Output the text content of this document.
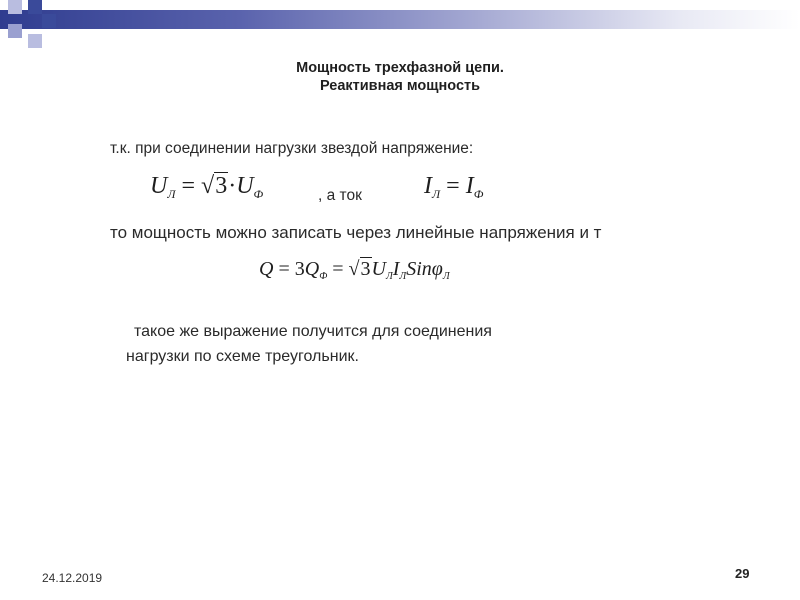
Мощность трехфазной цепи.
Реактивная мощность
т.к. при соединении нагрузки звездой напряжение:
$U_Л = √3\cdot U_Ф$	, а ток	$I_Л = I_Ф$
то мощность можно записать через линейные напряжения и т
$Q = 3Q_Ф = √3U_ЛI_ЛSin\varphi_Л$
такое же выражение получится для соединения
нагрузки по схеме треугольник.
24.12.2019	29
